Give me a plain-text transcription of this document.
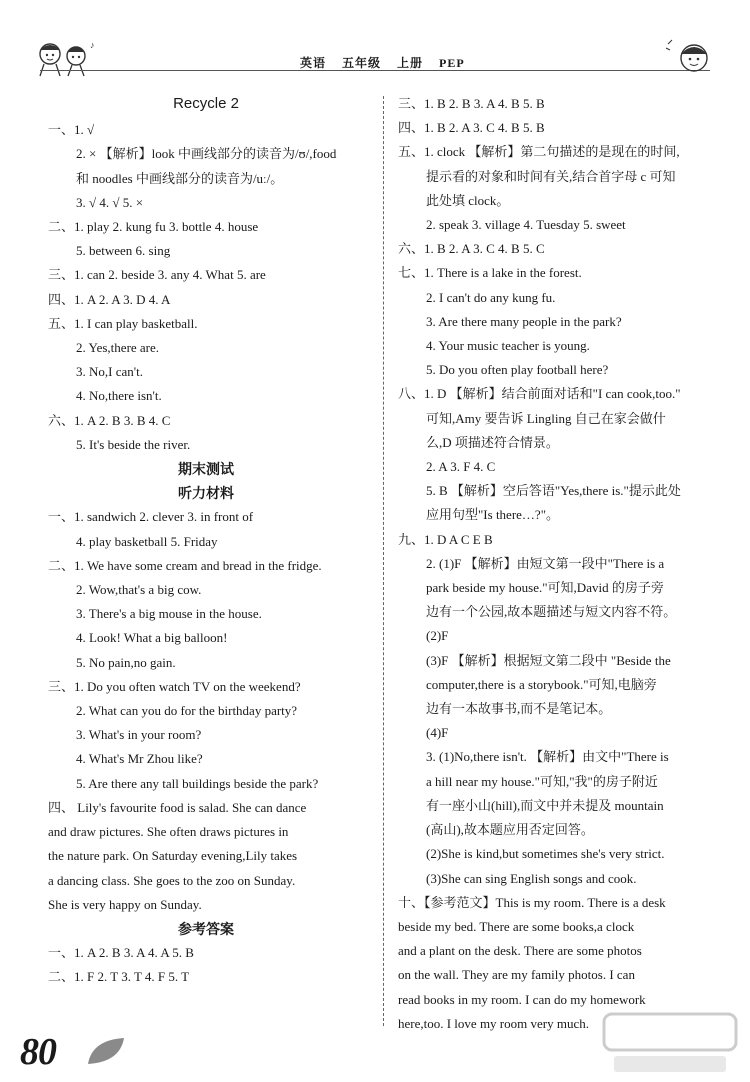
♪
英语 五年级 上册 PEP
Recycle 2
一、1. √
2. × 【解析】look 中画线部分的读音为/ʊ/,food
和 noodles 中画线部分的读音为/uː/。
3. √ 4. √ 5. ×
二、1. play 2. kung fu 3. bottle 4. house
5. between 6. sing
三、1. can 2. beside 3. any 4. What 5. are
四、1. A 2. A 3. D 4. A
五、1. I can play basketball.
2. Yes,there are.
3. No,I can't.
4. No,there isn't.
六、1. A 2. B 3. B 4. C
5. It's beside the river.
期末测试
听力材料
一、1. sandwich 2. clever 3. in front of
4. play basketball 5. Friday
二、1. We have some cream and bread in the fridge.
2. Wow,that's a big cow.
3. There's a big mouse in the house.
4. Look! What a big balloon!
5. No pain,no gain.
三、1. Do you often watch TV on the weekend?
2. What can you do for the birthday party?
3. What's in your room?
4. What's Mr Zhou like?
5. Are there any tall buildings beside the park?
四、 Lily's favourite food is salad. She can dance
and draw pictures. She often draws pictures in
the nature park. On Saturday evening,Lily takes
a dancing class. She goes to the zoo on Sunday.
She is very happy on Sunday.
参考答案
一、1. A 2. B 3. A 4. A 5. B
二、1. F 2. T 3. T 4. F 5. T
三、1. B 2. B 3. A 4. B 5. B
四、1. B 2. A 3. C 4. B 5. B
五、1. clock 【解析】第二句描述的是现在的时间,
提示看的对象和时间有关,结合首字母 c 可知
此处填 clock。
2. speak 3. village 4. Tuesday 5. sweet
六、1. B 2. A 3. C 4. B 5. C
七、1. There is a lake in the forest.
2. I can't do any kung fu.
3. Are there many people in the park?
4. Your music teacher is young.
5. Do you often play football here?
八、1. D 【解析】结合前面对话和"I can cook,too."
可知,Amy 要告诉 Lingling 自己在家会做什
么,D 项描述符合情景。
2. A 3. F 4. C
5. B 【解析】空后答语"Yes,there is."提示此处
应用句型"Is there…?"。
九、1. D A C E B
2. (1)F 【解析】由短文第一段中"There is a
park beside my house."可知,David 的房子旁
边有一个公园,故本题描述与短文内容不符。
(2)F
(3)F 【解析】根据短文第二段中 "Beside the
computer,there is a storybook."可知,电脑旁
边有一本故事书,而不是笔记本。
(4)F
3. (1)No,there isn't. 【解析】由文中"There is
a hill near my house."可知,"我"的房子附近
有一座小山(hill),而文中并未提及 mountain
(高山),故本题应用否定回答。
(2)She is kind,but sometimes she's very strict.
(3)She can sing English songs and cook.
十、【参考范文】This is my room. There is a desk
beside my bed. There are some books,a clock
and a plant on the desk. There are some photos
on the wall. They are my family photos. I can
read books in my room. I can do my homework
here,too. I love my room very much.
80
